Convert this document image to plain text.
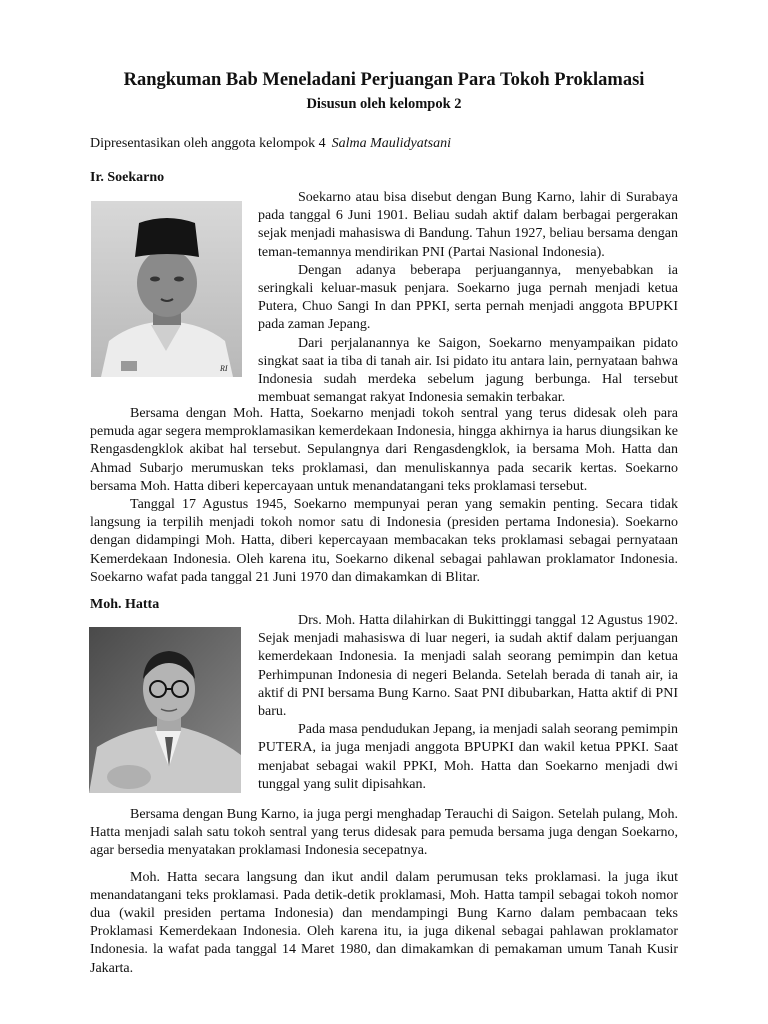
Rangkuman Bab Meneladani Perjuangan Para Tokoh Proklamasi
Disusun oleh kelompok 2
Dipresentasikan oleh anggota kelompok 4 Salma Maulidyatsani
Ir. Soekarno
RI

Soekarno atau bisa disebut dengan Bung Karno, lahir di Surabaya pada tanggal 6 Juni 1901. Beliau sudah aktif dalam berbagai pergerakan sejak menjadi mahasiswa di Bandung. Tahun 1927, beliau bersama dengan teman-temannya mendirikan PNI (Partai Nasional Indonesia).

Dengan adanya beberapa perjuangannya, menyebabkan ia seringkali keluar-masuk penjara. Soekarno juga pernah menjadi ketua Putera, Chuo Sangi In dan PPKI, serta pernah menjadi anggota BPUPKI pada zaman Jepang.

Dari perjalanannya ke Saigon, Soekarno menyampaikan pidato singkat saat ia tiba di tanah air. Isi pidato itu antara lain, pernyataan bahwa Indonesia sudah merdeka sebelum jagung berbunga. Hal tersebut membuat semangat rakyat Indonesia semakin terbakar.

Bersama dengan Moh. Hatta, Soekarno menjadi tokoh sentral yang terus didesak oleh para pemuda agar segera memproklamasikan kemerdekaan Indonesia, hingga akhirnya ia harus diungsikan ke Rengasdengklok akibat hal tersebut. Sepulangnya dari Rengasdengklok, ia bersama Moh. Hatta dan Ahmad Subarjo merumuskan teks proklamasi, dan menuliskannya pada secarik kertas. Soekarno bersama Moh. Hatta diberi kepercayaan untuk menandatangani teks proklamasi tersebut.

Tanggal 17 Agustus 1945, Soekarno mempunyai peran yang semakin penting. Secara tidak langsung ia terpilih menjadi tokoh nomor satu di Indonesia (presiden pertama Indonesia). Soekarno dengan didampingi Moh. Hatta, diberi kepercayaan membacakan teks proklamasi sebagai pernyataan Kemerdekaan Indonesia. Oleh karena itu, Soekarno dikenal sebagai pahlawan proklamator Indonesia. Soekarno wafat pada tanggal 21 Juni 1970 dan dimakamkan di Blitar.

Moh. Hatta

Drs. Moh. Hatta dilahirkan di Bukittinggi tanggal 12 Agustus 1902. Sejak menjadi mahasiswa di luar negeri, ia sudah aktif dalam perjuangan kemerdekaan Indonesia. Ia menjadi salah seorang pemimpin dan ketua Perhimpunan Indonesia di negeri Belanda. Setelah berada di tanah air, ia aktif di PNI bersama Bung Karno. Saat PNI dibubarkan, Hatta aktif di PNI baru.

Pada masa pendudukan Jepang, ia menjadi salah seorang pemimpin PUTERA, ia juga menjadi anggota BPUPKI dan wakil ketua PPKI. Saat menjabat sebagai wakil PPKI, Moh. Hatta dan Soekarno menjadi dwi tunggal yang sulit dipisahkan.

Bersama dengan Bung Karno, ia juga pergi menghadap Terauchi di Saigon. Setelah pulang, Moh. Hatta menjadi salah satu tokoh sentral yang terus didesak para pemuda bersama juga dengan Soekarno, agar bersedia menyatakan proklamasi Indonesia secepatnya.

Moh. Hatta secara langsung dan ikut andil dalam perumusan teks proklamasi. la juga ikut menandatangani teks proklamasi. Pada detik-detik proklamasi, Moh. Hatta tampil sebagai tokoh nomor dua (wakil presiden pertama Indonesia) dan mendampingi Bung Karno dalam pembacaan teks Proklamasi Kemerdekaan Indonesia. Oleh karena itu, ia juga dikenal sebagai pahlawan proklamator Indonesia. la wafat pada tanggal 14 Maret 1980, dan dimakamkan di pemakaman umum Tanah Kusir Jakarta.
